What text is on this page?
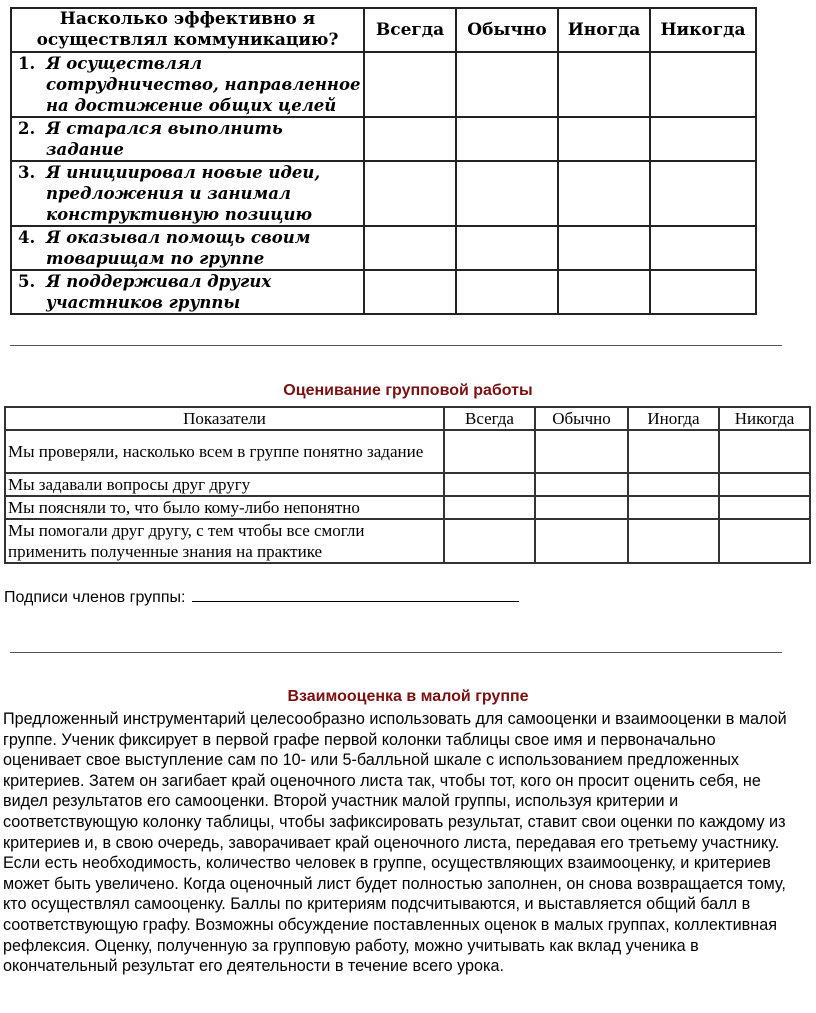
Насколько эффективно я осуществлял коммуникацию?	Всегда	Обычно	Иногда	Никогда

1. Я осуществлял сотрудничество, направленное на достижение общих целей				

2. Я старался выполнить задание				

3. Я инициировал новые идеи, предложения и занимал конструктивную позицию				

4. Я оказывал помощь своим товарищам по группе				

5. Я поддерживал других участников группы				

Оценивание групповой работы
Показатели	Всегда	Обычно	Иногда	Никогда
Мы проверяли, насколько всем в группе понятно задание				
Мы задавали вопросы друг другу				
Мы поясняли то, что было кому-либо непонятно				
Мы помогали друг другу, с тем чтобы все смогли применить полученные знания на практике				
Подписи членов группы:
Взаимооценка в малой группе
Предложенный инструментарий целесообразно использовать для самооценки и взаимооценки в малой группе. Ученик фиксирует в первой графе первой колонки таблицы свое имя и первоначально оценивает свое выступление сам по 10- или 5-балльной шкале с использованием предложенных критериев. Затем он загибает край оценочного листа так, чтобы тот, кого он просит оценить себя, не видел результатов его самооценки. Второй участник малой группы, используя критерии и соответствующую колонку таблицы, чтобы зафиксировать результат, ставит свои оценки по каждому из критериев и, в свою очередь, заворачивает край оценочного листа, передавая его третьему участнику. Если есть необходимость, количество человек в группе, осуществляющих взаимооценку, и критериев может быть увеличено. Когда оценочный лист будет полностью заполнен, он снова возвращается тому, кто осуществлял самооценку. Баллы по критериям подсчитываются, и выставляется общий балл в соответствующую графу. Возможны обсуждение поставленных оценок в малых группах, коллективная рефлексия. Оценку, полученную за групповую работу, можно учитывать как вклад ученика в окончательный результат его деятельности в течение всего урока.
